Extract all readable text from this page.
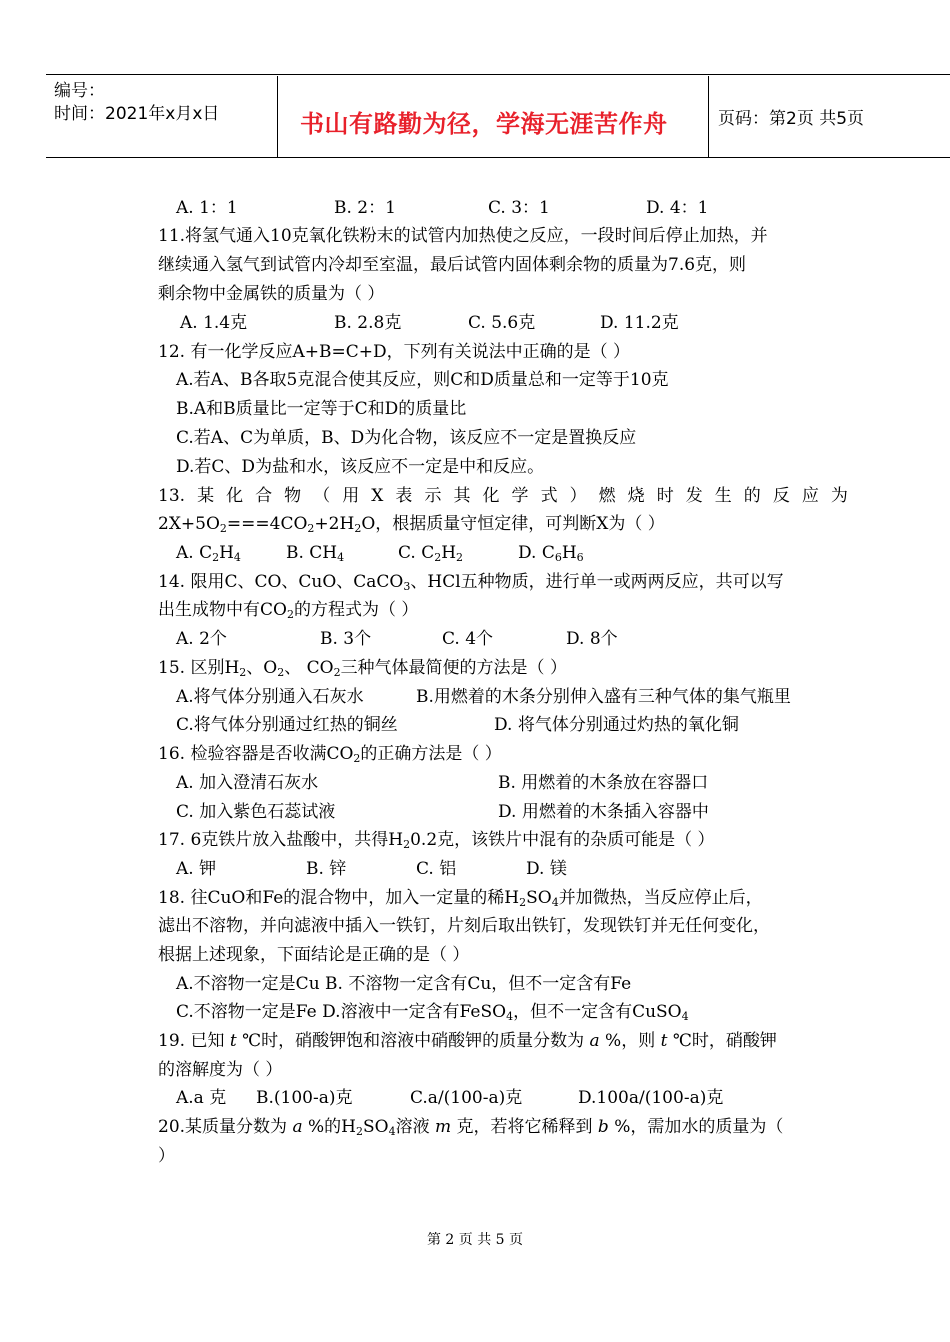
编号：
时间：2021年x月x日	书山有路勤为径，学海无涯苦作舟	页码：第2页 共5页
A. 1：1	B. 2：1	C. 3：1	D. 4：1
11.将氢气通入10克氧化铁粉末的试管内加热使之反应，一段时间后停止加热，并
继续通入氢气到试管内冷却至室温，最后试管内固体剩余物的质量为7.6克，则
剩余物中金属铁的质量为（ ）
A. 1.4克	B. 2.8克	C. 5.6克	D. 11.2克
12. 有一化学反应A+B=C+D，下列有关说法中正确的是（ ）
A.若A、B各取5克混合使其反应，则C和D质量总和一定等于10克
B.A和B质量比一定等于C和D的质量比
C.若A、C为单质，B、D为化合物，该反应不一定是置换反应
D.若C、D为盐和水，该反应不一定是中和反应。
13. 某 化 合 物 （ 用 X 表 示 其 化 学 式 ） 燃 烧 时 发 生 的 反 应 为
$2X+5O_2===4CO_2+2H_2O$，根据质量守恒定律，可判断X为（ ）
A. $C_2H_4$	B. $CH_4$	C. $C_2H_2$	D. $C_6H_6$
14. 限用C、CO、CuO、CaCO$_3$、HCl五种物质，进行单一或两两反应，共可以写
出生成物中有$CO_2$的方程式为（ ）
A. 2个	B. 3个	C. 4个	D. 8个
15. 区别$H_2$、$O_2$、 $CO_2$三种气体最简便的方法是（ ）
A.将气体分别通入石灰水	B.用燃着的木条分别伸入盛有三种气体的集气瓶里
C.将气体分别通过红热的铜丝	D. 将气体分别通过灼热的氧化铜
16. 检验容器是否收满$CO_2$的正确方法是（ ）
A. 加入澄清石灰水	B. 用燃着的木条放在容器口
C. 加入紫色石蕊试液	D. 用燃着的木条插入容器中
17. 6克铁片放入盐酸中，共得$H_20.2$克，该铁片中混有的杂质可能是（ ）
A. 钾	B. 锌	C. 铝	D. 镁
18. 往CuO和Fe的混合物中，加入一定量的稀$H_2SO_4$并加微热，当反应停止后，
滤出不溶物，并向滤液中插入一铁钉，片刻后取出铁钉，发现铁钉并无任何变化，
根据上述现象，下面结论是正确的是（ ）
A.不溶物一定是Cu B. 不溶物一定含有Cu，但不一定含有Fe
C.不溶物一定是Fe D.溶液中一定含有FeSO$_4$，但不一定含有CuSO$_4$
19. 已知 t ℃时，硝酸钾饱和溶液中硝酸钾的质量分数为 a %，则 t ℃时，硝酸钾
的溶解度为（ ）
A.a 克 B.(100-a)克	C.a/(100-a)克	D.100a/(100-a)克
20.某质量分数为 a %的$H_2SO_4$溶液 m 克，若将它稀释到 b %，需加水的质量为（
）
第 2 页 共 5 页
